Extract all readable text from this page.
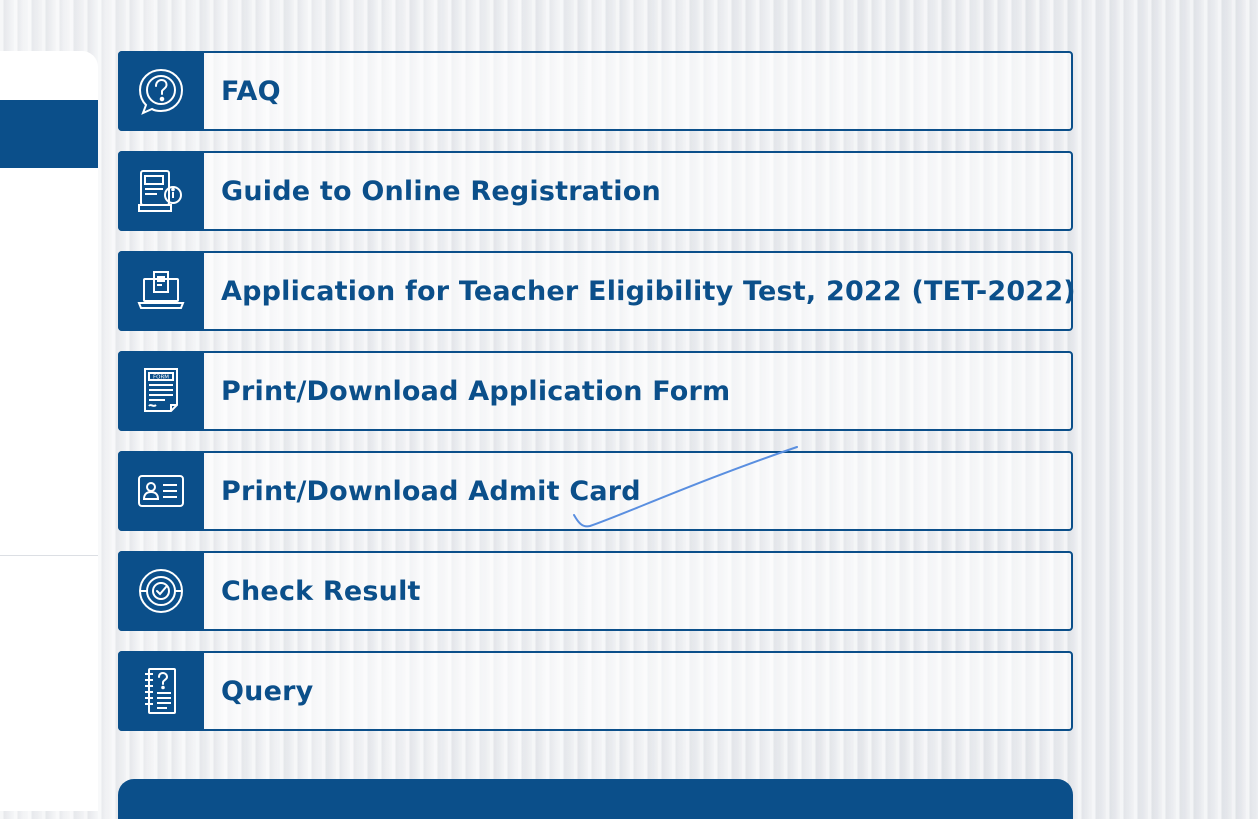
FAQ
Guide to Online Registration
Application for Teacher Eligibility Test, 2022 (TET-2022)
FORM Print/Download Application Form
Print/Download Admit Card
Check Result
Query
